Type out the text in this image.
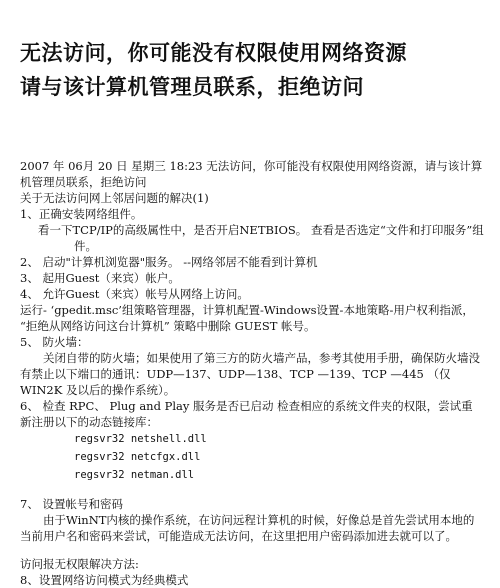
无法访问，你可能没有权限使用网络资源
请与该计算机管理员联系，拒绝访问

2007 年 06月 20 日 星期三 18:23 无法访问，你可能没有权限使用网络资源，请与该计算机管理员联系，拒绝访问

关于无法访问网上邻居问题的解决(1)

1、正确安装网络组件。

看一下TCP/IP的高级属性中，是否开启NETBIOS。 查看是否选定“文件和打印服务”组件。

2、 启动"计算机浏览器"服务。 --网络邻居不能看到计算机

3、 起用Guest（来宾）帐户。

4、 允许Guest（来宾）帐号从网络上访问。

运行- ‘gpedit.msc’组策略管理器，计算机配置-Windows设置-本地策略-用户权利指派， “拒绝从网络访问这台计算机” 策略中删除 GUEST 帐号。

5、 防火墙：

关闭自带的防火墙；如果使用了第三方的防火墙产品，参考其使用手册，确保防火墙没有禁止以下端口的通讯：UDP—137、UDP—138、TCP —139、TCP —445 （仅WIN2K 及以后的操作系统）。

6、 检查 RPC、 Plug and Play 服务是否已启动 检查相应的系统文件夹的权限，尝试重新注册以下的动态链接库：

regsvr32 netshell.dll
regsvr32 netcfgx.dll
regsvr32 netman.dll

7、 设置帐号和密码

由于WinNT内核的操作系统，在访问远程计算机的时候，好像总是首先尝试用本地的当前用户名和密码来尝试，可能造成无法访问，在这里把用户密码添加进去就可以了。

访问报无权限解决方法:

8、设置网络访问模式为经典模式
